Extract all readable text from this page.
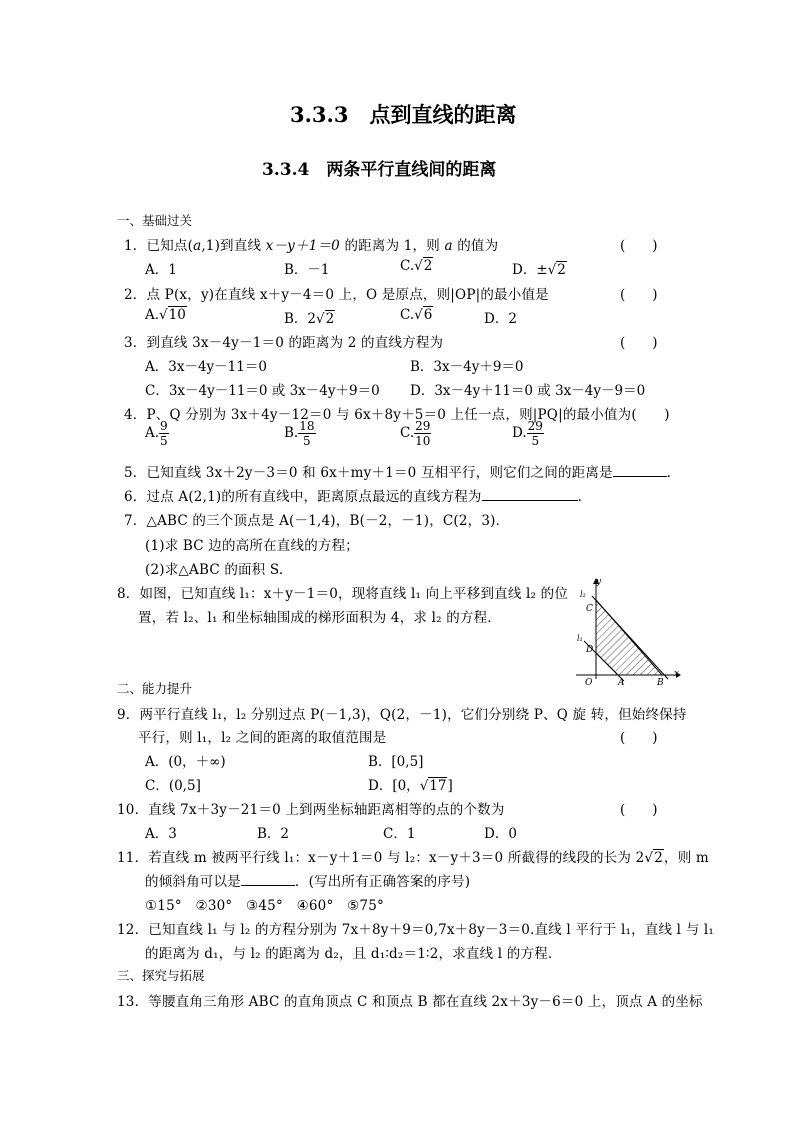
3.3.3　点到直线的距离
3.3.4　两条平行直线间的距离
一、基础过关
1．已知点(a,1)到直线 x－y＋1＝0 的距离为 1，则 a 的值为	(　　)
A．1	B．－1	C.√2	D．±√2
2．点 P(x，y)在直线 x＋y－4＝0 上，O 是原点，则|OP|的最小值是	(　　)
A.√10	B．2√2	C.√6	D．2
3．到直线 3x－4y－1＝0 的距离为 2 的直线方程为	(　　)
A．3x－4y－11＝0	B．3x－4y＋9＝0
C．3x－4y－11＝0 或 3x－4y＋9＝0 D．3x－4y＋11＝0 或 3x－4y－9＝0
4．P、Q 分别为 3x＋4y－12＝0 与 6x＋8y＋5＝0 上任一点，则|PQ|的最小值为(　　)
A. $\frac{9}{5}$	B. $\frac{18}{5}$	C. $\frac{29}{10}$	D. $\frac{29}{5}$
5．已知直线 3x＋2y－3＝0 和 6x＋my＋1＝0 互相平行，则它们之间的距离是	．
6．过点 A(2,1)的所有直线中，距离原点最远的直线方程为	．
7．△ABC 的三个顶点是 A(－1,4)，B(－2，－1)，C(2，3)．
(1)求 BC 边的高所在直线的方程；
(2)求△ABC 的面积 S.
8．如图，已知直线 l₁：x＋y－1＝0，现将直线 l₁ 向上平移到直线 l₂ 的位
置，若 l₂、l₁ 和坐标轴围成的梯形面积为 4，求 l₂ 的方程．
y
x
l₂
C
l₁
D
O	A	B
二、能力提升
9．两平行直线 l₁，l₂ 分别过点 P(－1,3)，Q(2，－1)，它们分别绕 P、Q 旋 转，但始终保持
平行，则 l₁，l₂ 之间的距离的取值范围是	(　　)
A．(0，＋∞)	B．[0,5]
C．(0,5]	D．[0，√17]
10．直线 7x＋3y－21＝0 上到两坐标轴距离相等的点的个数为	(　　)
A．3	B．2	C．1	D．0
11．若直线 m 被两平行线 l₁：x－y＋1＝0 与 l₂：x－y＋3＝0 所截得的线段的长为 2√2，则 m
的倾斜角可以是	．(写出所有正确答案的序号)
①15°　②30°　③45°　④60°　⑤75°
12．已知直线 l₁ 与 l₂ 的方程分别为 7x＋8y＋9＝0,7x＋8y－3＝0.直线 l 平行于 l₁，直线 l 与 l₁
的距离为 d₁，与 l₂ 的距离为 d₂，且 d₁∶d₂＝1∶2，求直线 l 的方程．
三、探究与拓展
13．等腰直角三角形 ABC 的直角顶点 C 和顶点 B 都在直线 2x＋3y－6＝0 上，顶点 A 的坐标
